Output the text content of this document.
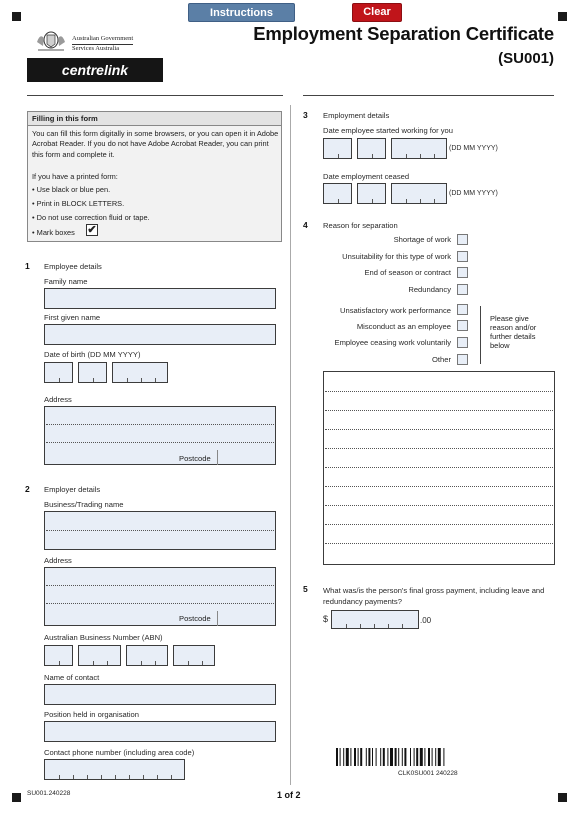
Instructions	Clear
Australian Government
Services Australia
centrelink
Employment Separation Certificate
(SU001)
Filling in this form
You can fill this form digitally in some browsers, or you can open it in Adobe Acrobat Reader. If you do not have Adobe Acrobat Reader, you can print this form and complete it.
If you have a printed form:
• Use black or blue pen.
• Print in BLOCK LETTERS.
• Do not use correction fluid or tape.
• Mark boxes ✔
1 Employee details
Family name
First given name
Date of birth (DD MM YYYY)
Address
Postcode
2 Employer details
Business/Trading name
Address
Postcode
Australian Business Number (ABN)
Name of contact
Position held in organisation
Contact phone number (including area code)
3 Employment details
Date employee started working for you
(DD MM YYYY)
Date employment ceased
(DD MM YYYY)
4 Reason for separation
Shortage of work
Unsuitability for this type of work
End of season or contract
Redundancy
Unsatisfactory work performance
Misconduct as an employee
Employee ceasing work voluntarily
Other
Please give reason and/or further details below
5 What was/is the person's final gross payment, including leave and redundancy payments?
$	.00
CLK0SU001 240228
SU001.240228	1 of 2
